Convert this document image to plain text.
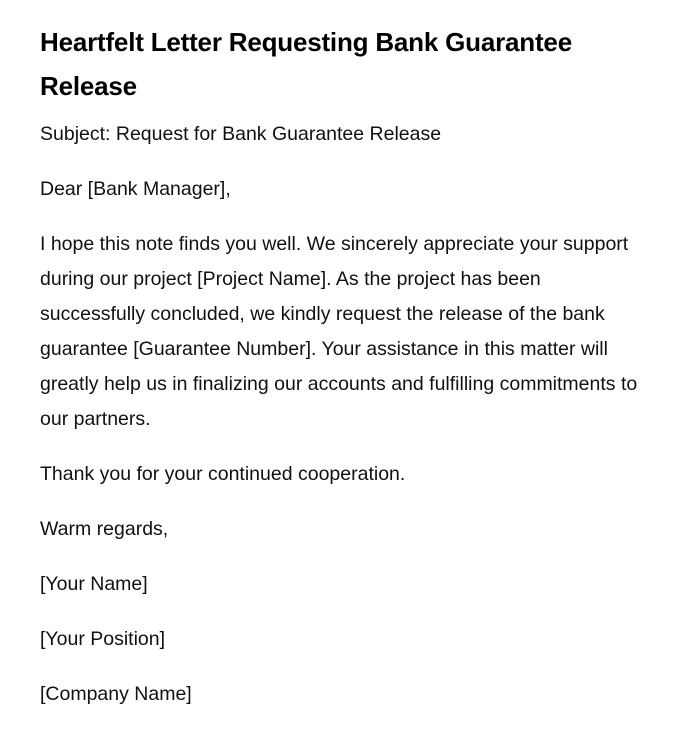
Heartfelt Letter Requesting Bank Guarantee Release

Subject: Request for Bank Guarantee Release

Dear [Bank Manager],

I hope this note finds you well. We sincerely appreciate your support during our project [Project Name]. As the project has been successfully concluded, we kindly request the release of the bank guarantee [Guarantee Number]. Your assistance in this matter will greatly help us in finalizing our accounts and fulfilling commitments to our partners.

Thank you for your continued cooperation.

Warm regards,

[Your Name]

[Your Position]

[Company Name]
